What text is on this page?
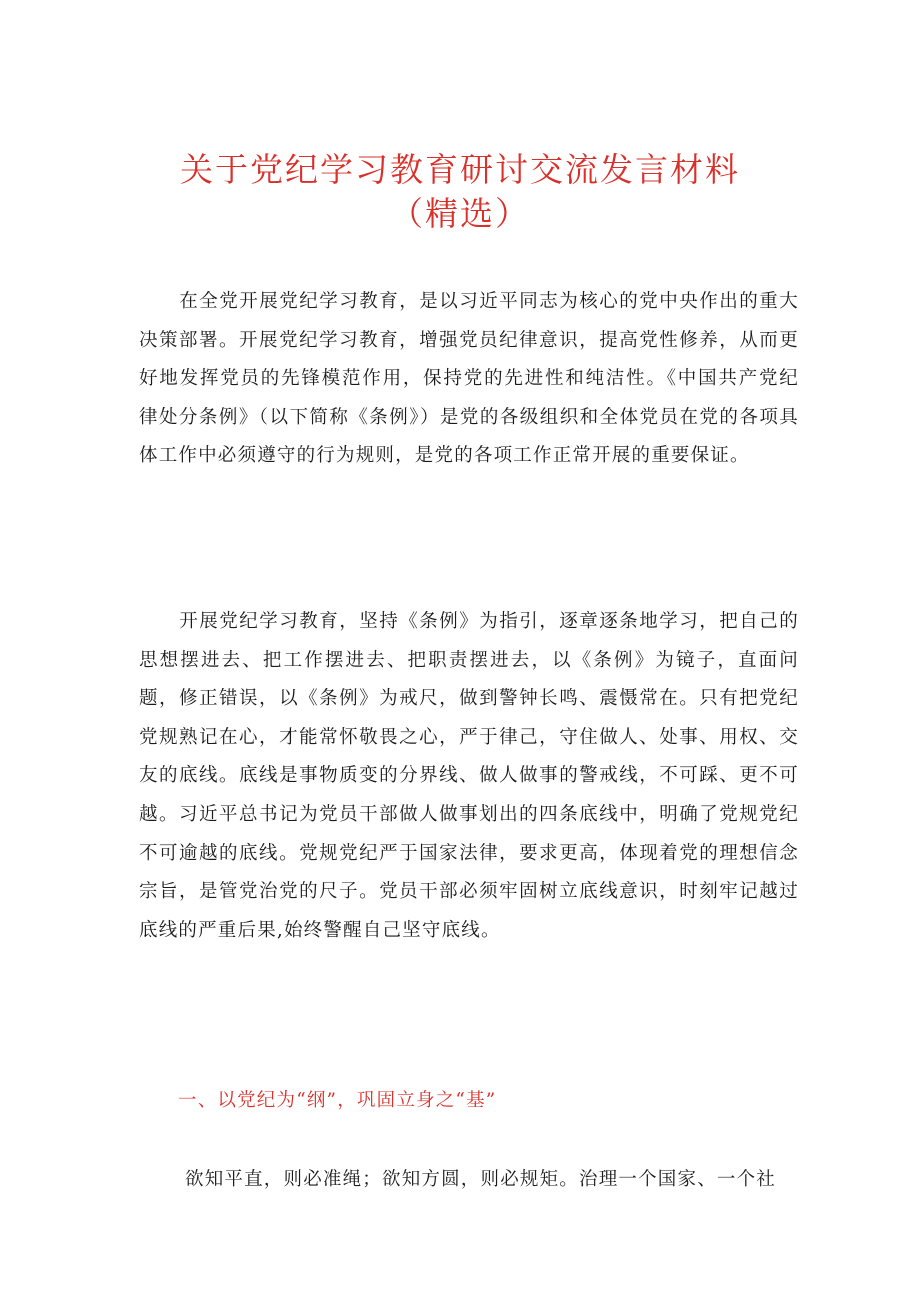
关于党纪学习教育研讨交流发言材料
（精选）

在全党开展党纪学习教育，是以习近平同志为核心的党中央作出的重大决策部署。开展党纪学习教育，增强党员纪律意识，提高党性修养，从而更好地发挥党员的先锋模范作用，保持党的先进性和纯洁性。《中国共产党纪律处分条例》（以下简称《条例》）是党的各级组织和全体党员在党的各项具体工作中必须遵守的行为规则，是党的各项工作正常开展的重要保证。

开展党纪学习教育，坚持《条例》为指引，逐章逐条地学习，把自己的思想摆进去、把工作摆进去、把职责摆进去，以《条例》为镜子，直面问题，修正错误，以《条例》为戒尺，做到警钟长鸣、震慑常在。只有把党纪党规熟记在心，才能常怀敬畏之心，严于律己，守住做人、处事、用权、交友的底线。底线是事物质变的分界线、做人做事的警戒线，不可踩、更不可越。习近平总书记为党员干部做人做事划出的四条底线中，明确了党规党纪不可逾越的底线。党规党纪严于国家法律，要求更高，体现着党的理想信念宗旨，是管党治党的尺子。党员干部必须牢固树立底线意识，时刻牢记越过底线的严重后果,始终警醒自己坚守底线。

一、以党纪为“纲”，巩固立身之“基”

欲知平直，则必准绳；欲知方圆，则必规矩。治理一个国家、一个社
